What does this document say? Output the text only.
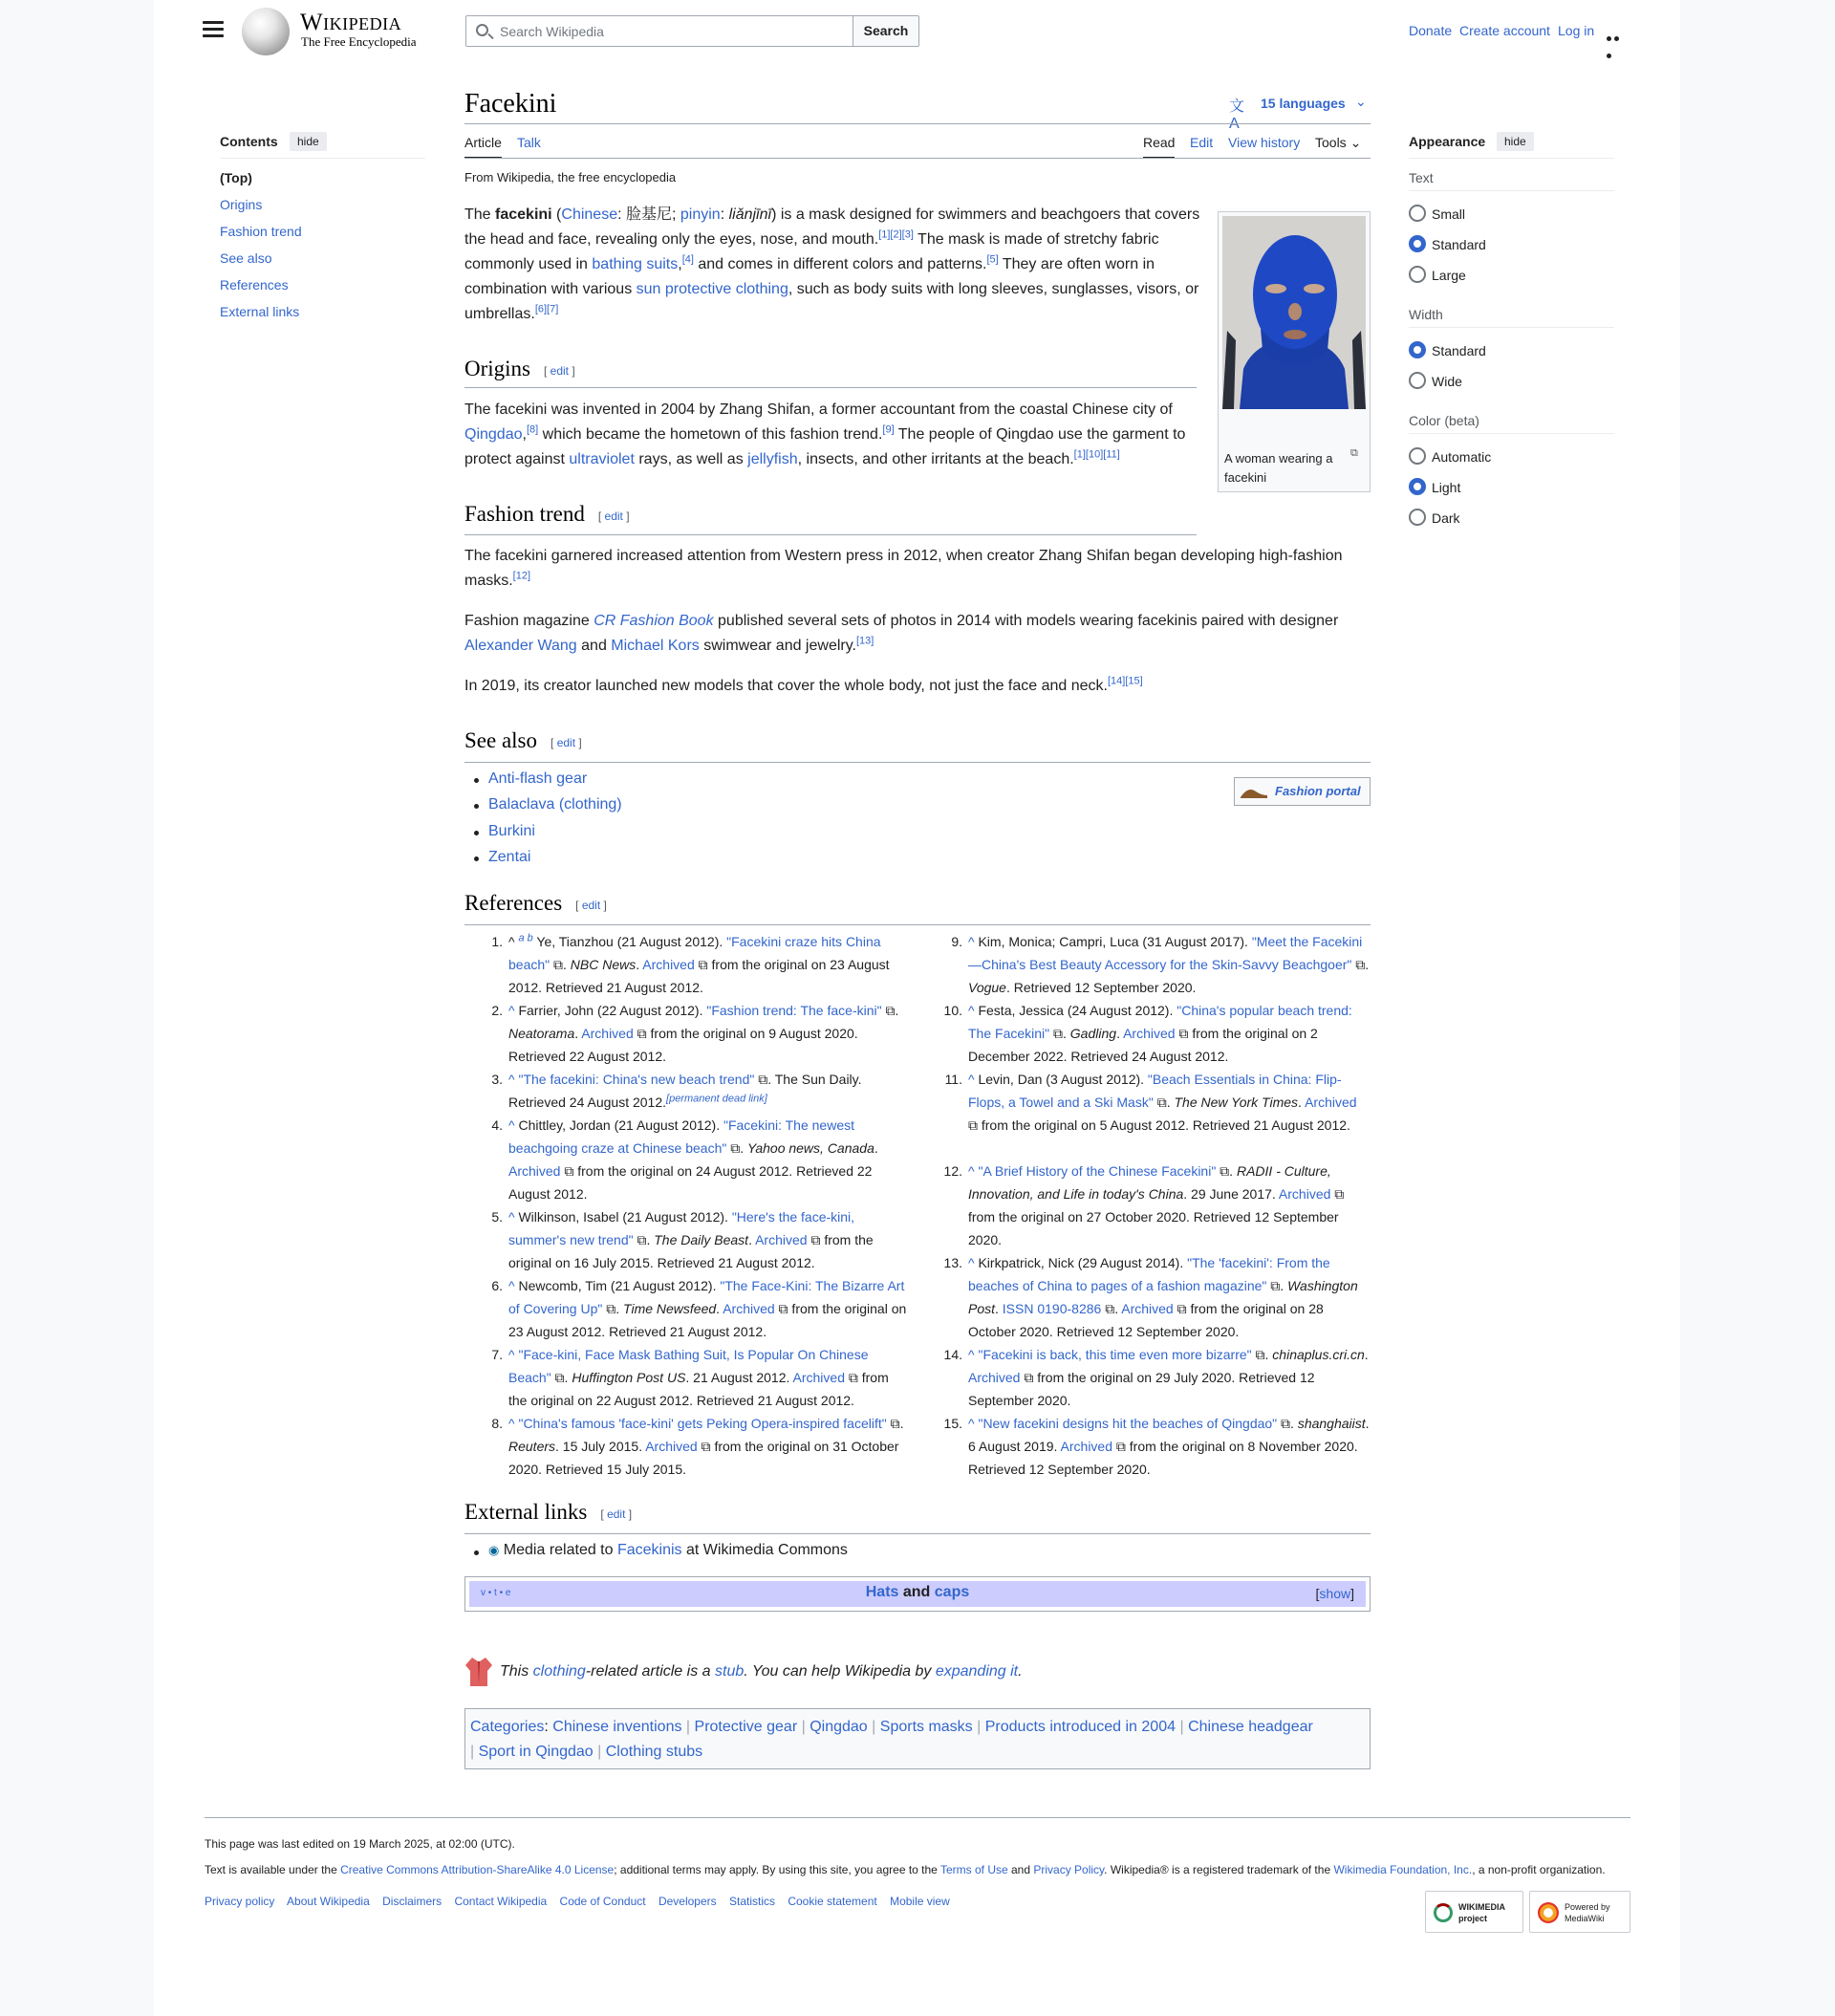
Wikipedia
The Free Encyclopedia
Search Wikipedia	Search	Donate Create account Log in
Contents	hide
(Top)
Origins
Fashion trend
See also
References
External links
Facekini	文A
15 languages ⌄
Article Talk	Read Edit View history Tools ⌄
From Wikipedia, the free encyclopedia
The facekini (Chinese: 脸基尼; pinyin: liǎnjīnī) is a mask designed for swimmers and beachgoers that covers the head and face, revealing only the eyes, nose, and mouth.[1][2][3] The mask is made of stretchy fabric commonly used in bathing suits,[4] and comes in different colors and patterns.[5] They are often worn in combination with various sun protective clothing, such as body suits with long sleeves, sunglasses, visors, or umbrellas.[6][7]
A woman wearing a facekini
⧉
Origins [ edit ]
The facekini was invented in 2004 by Zhang Shifan, a former accountant from the coastal Chinese city of Qingdao,[8] which became the hometown of this fashion trend.[9] The people of Qingdao use the garment to protect against ultraviolet rays, as well as jellyfish, insects, and other irritants at the beach.[1][10][11]
Fashion trend [ edit ]
The facekini garnered increased attention from Western press in 2012, when creator Zhang Shifan began developing high-fashion masks.[12]
Fashion magazine CR Fashion Book published several sets of photos in 2014 with models wearing facekinis paired with designer Alexander Wang and Michael Kors swimwear and jewelry.[13]
In 2019, its creator launched new models that cover the whole body, not just the face and neck.[14][15]
See also [ edit ]
Anti-flash gear
Balaclava (clothing)
Burkini
Zentai
Fashion portal
References [ edit ]
1. ^ $^{a b}$ Ye, Tianzhou (21 August 2012). "Facekini craze hits China beach" ⧉. NBC News. Archived ⧉ from the original on 23 August 2012. Retrieved 21 August 2012.
2. ^ Farrier, John (22 August 2012). "Fashion trend: The face-kini" ⧉. Neatorama. Archived ⧉ from the original on 9 August 2020. Retrieved 22 August 2012.
3. ^ "The facekini: China's new beach trend" ⧉. The Sun Daily. Retrieved 24 August 2012.[permanent dead link]
4. ^ Chittley, Jordan (21 August 2012). "Facekini: The newest beachgoing craze at Chinese beach" ⧉. Yahoo news, Canada. Archived ⧉ from the original on 24 August 2012. Retrieved 22 August 2012.
5. ^ Wilkinson, Isabel (21 August 2012). "Here's the face-kini, summer's new trend" ⧉. The Daily Beast. Archived ⧉ from the original on 16 July 2015. Retrieved 21 August 2012.
6. ^ Newcomb, Tim (21 August 2012). "The Face-Kini: The Bizarre Art of Covering Up" ⧉. Time Newsfeed. Archived ⧉ from the original on 23 August 2012. Retrieved 21 August 2012.
7. ^ "Face-kini, Face Mask Bathing Suit, Is Popular On Chinese Beach" ⧉. Huffington Post US. 21 August 2012. Archived ⧉ from the original on 22 August 2012. Retrieved 21 August 2012.
8. ^ "China's famous 'face-kini' gets Peking Opera-inspired facelift" ⧉. Reuters. 15 July 2015. Archived ⧉ from the original on 31 October 2020. Retrieved 15 July 2015.
9. ^ Kim, Monica; Campri, Luca (31 August 2017). "Meet the Facekini—China's Best Beauty Accessory for the Skin-Savvy Beachgoer" ⧉. Vogue. Retrieved 12 September 2020.
10. ^ Festa, Jessica (24 August 2012). "China's popular beach trend: The Facekini" ⧉. Gadling. Archived ⧉ from the original on 2 December 2022. Retrieved 24 August 2012.
11. ^ Levin, Dan (3 August 2012). "Beach Essentials in China: Flip-Flops, a Towel and a Ski Mask" ⧉. The New York Times. Archived ⧉ from the original on 5 August 2012. Retrieved 21 August 2012.
12. ^ "A Brief History of the Chinese Facekini" ⧉. RADII - Culture, Innovation, and Life in today's China. 29 June 2017. Archived ⧉ from the original on 27 October 2020. Retrieved 12 September 2020.
13. ^ Kirkpatrick, Nick (29 August 2014). "The 'facekini': From the beaches of China to pages of a fashion magazine" ⧉. Washington Post. ISSN 0190-8286 ⧉. Archived ⧉ from the original on 28 October 2020. Retrieved 12 September 2020.
14. ^ "Facekini is back, this time even more bizarre" ⧉. chinaplus.cri.cn. Archived ⧉ from the original on 29 July 2020. Retrieved 12 September 2020.
15. ^ "New facekini designs hit the beaches of Qingdao" ⧉. shanghaiist. 6 August 2019. Archived ⧉ from the original on 8 November 2020. Retrieved 12 September 2020.
External links [ edit ]
◉ Media related to Facekinis at Wikimedia Commons
v • t • e	Hats and caps	[show]
This clothing-related article is a stub. You can help Wikipedia by expanding it.
Categories: Chinese inventions | Protective gear | Qingdao | Sports masks | Products introduced in 2004 | Chinese headgear
| Sport in Qingdao | Clothing stubs
Appearance	hide
Text
Small
Standard
Large
Width
Standard
Wide
Color (beta)
Automatic
Light
Dark
This page was last edited on 19 March 2025, at 02:00 (UTC).
Text is available under the Creative Commons Attribution-ShareAlike 4.0 License; additional terms may apply. By using this site, you agree to the Terms of Use and Privacy Policy. Wikipedia® is a registered trademark of the Wikimedia Foundation, Inc., a non-profit organization.
Privacy policy About Wikipedia Disclaimers Contact Wikipedia Code of Conduct Developers Statistics Cookie statement Mobile view	WIKIMEDIA project
Powered by MediaWiki
